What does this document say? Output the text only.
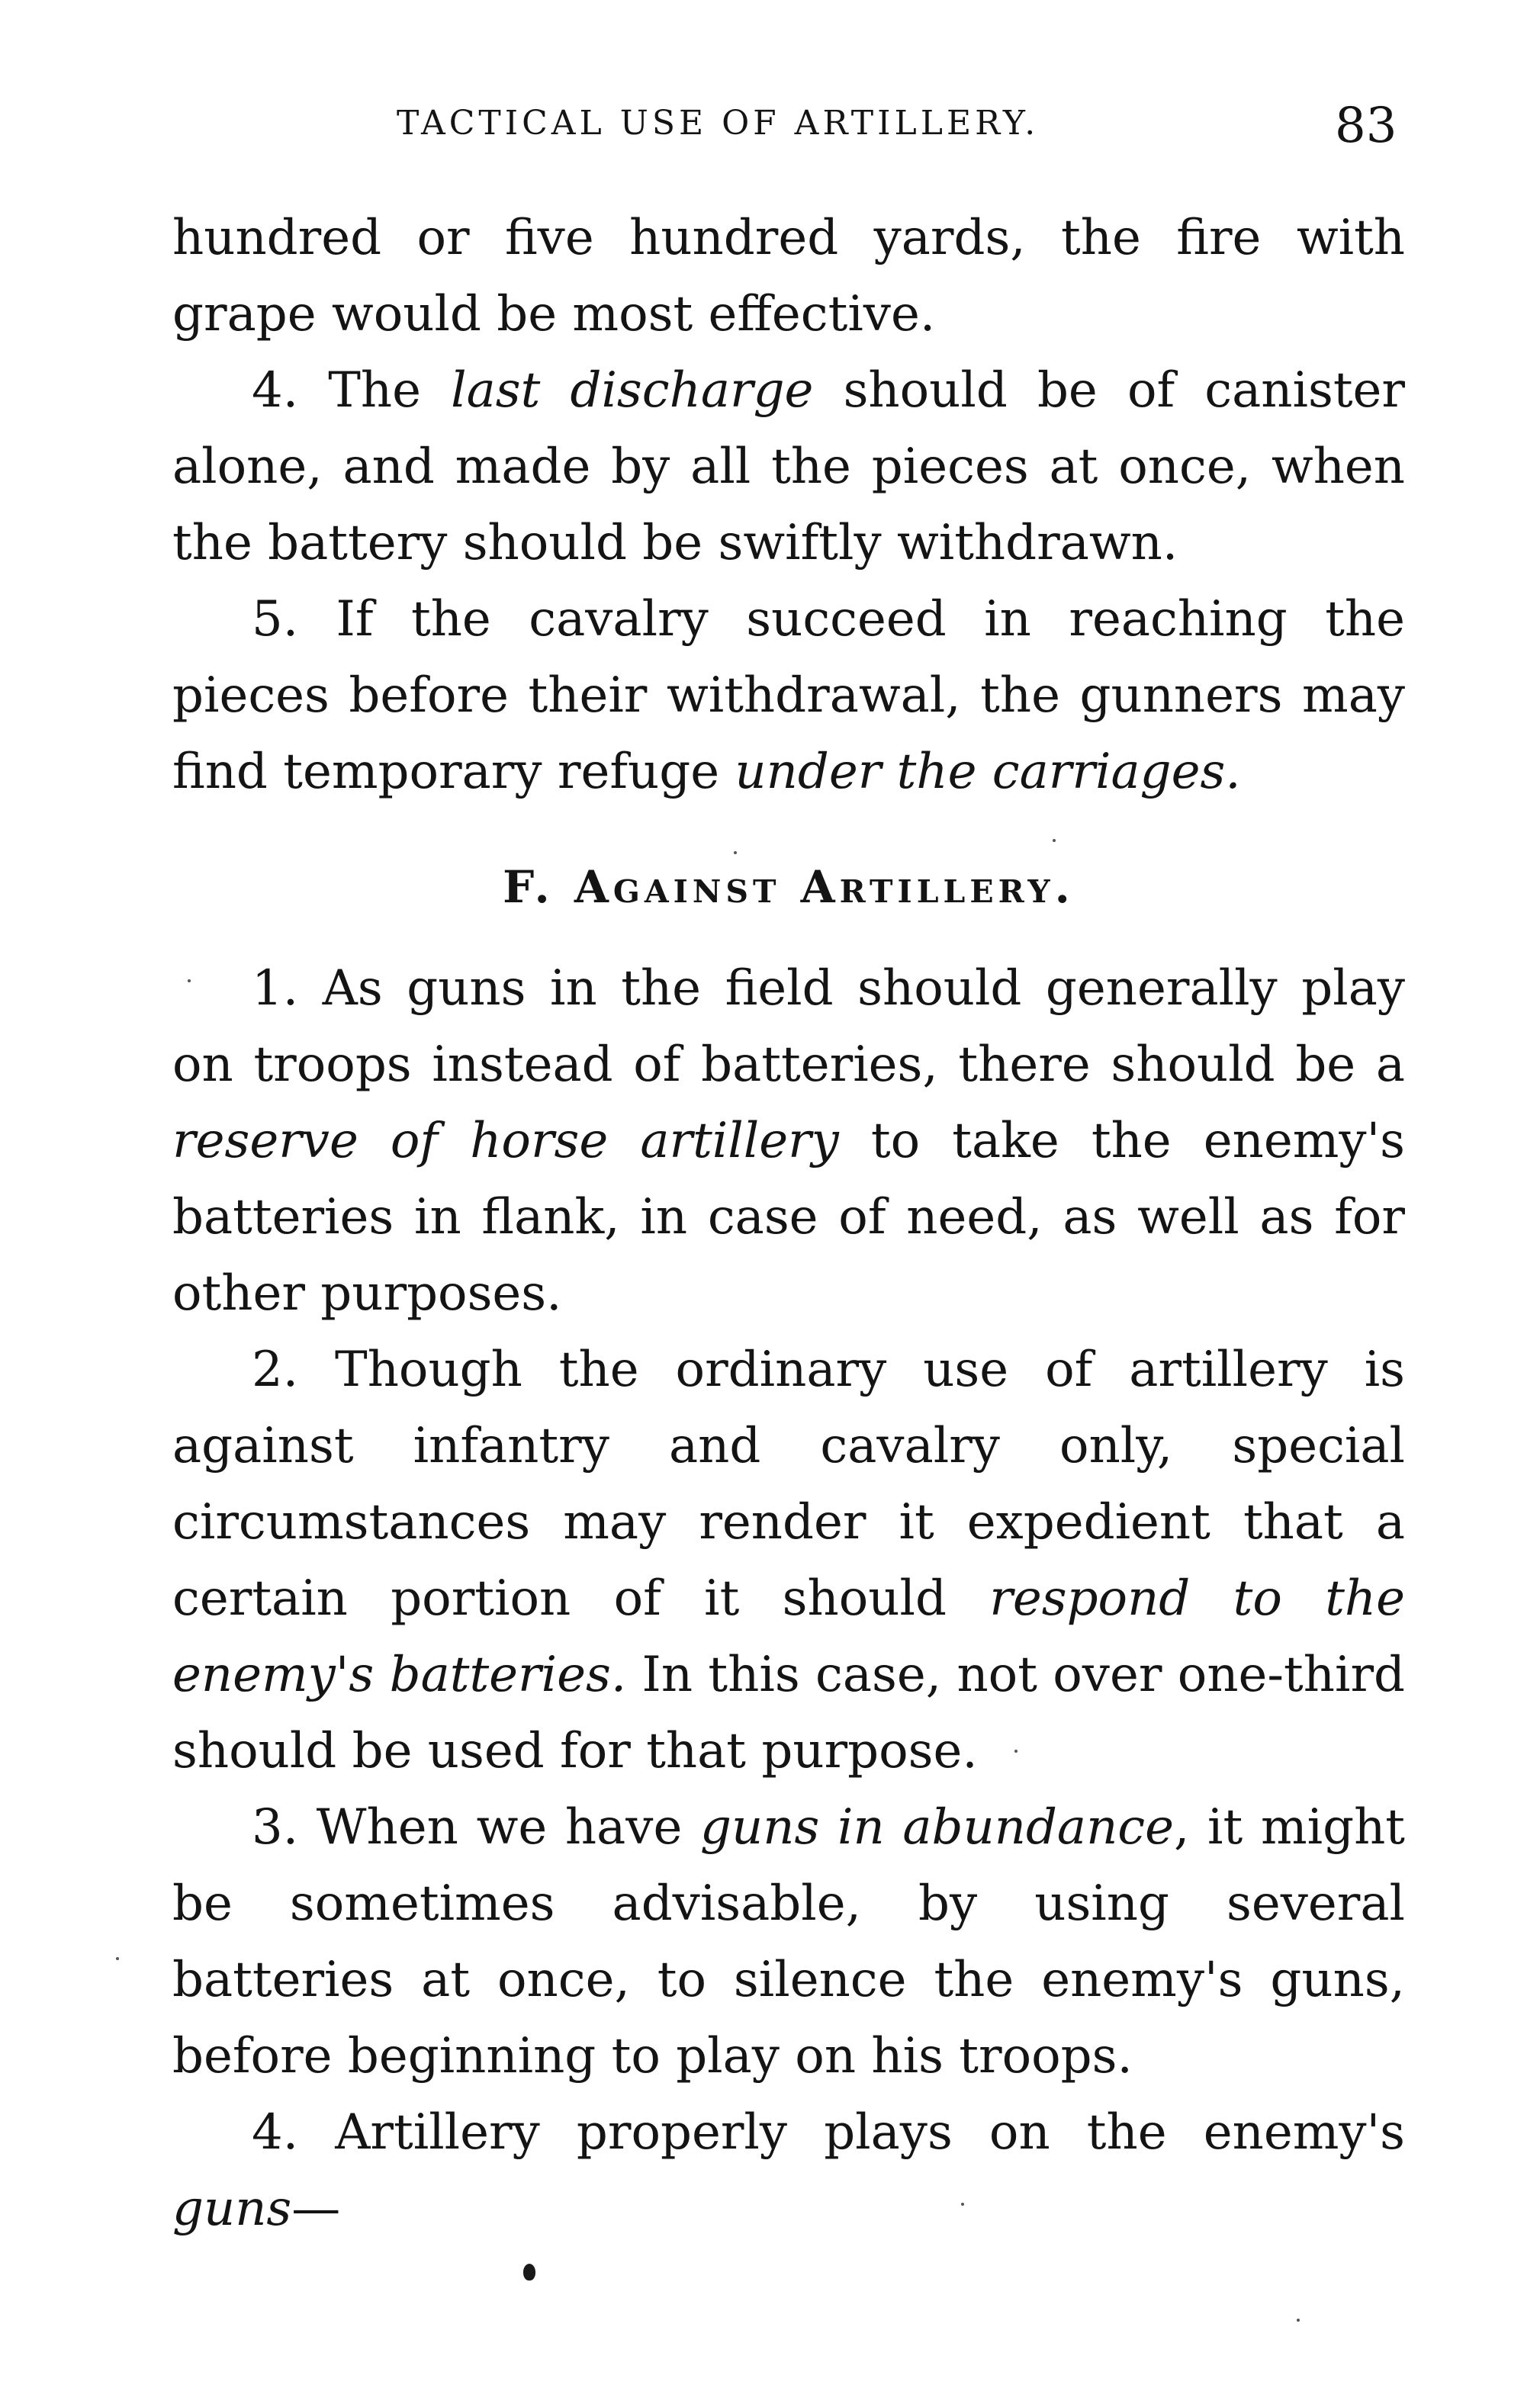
TACTICAL USE OF ARTILLERY.	83

hundred or five hundred yards, the fire with grape would be most effective.

4. The last discharge should be of canister alone, and made by all the pieces at once, when the battery should be swiftly withdrawn.

5. If the cavalry succeed in reaching the pieces before their withdrawal, the gunners may find temporary refuge under the carriages.

F. Against Artillery.

1. As guns in the field should generally play on troops instead of batteries, there should be a reserve of horse artillery to take the enemy's batteries in flank, in case of need, as well as for other purposes.

2. Though the ordinary use of artillery is against infantry and cavalry only, special circumstances may render it expedient that a certain portion of it should respond to the enemy's batteries. In this case, not over one-third should be used for that purpose.

3. When we have guns in abundance, it might be sometimes advisable, by using several batteries at once, to silence the enemy's guns, before beginning to play on his troops.

4. Artillery properly plays on the enemy's guns—
